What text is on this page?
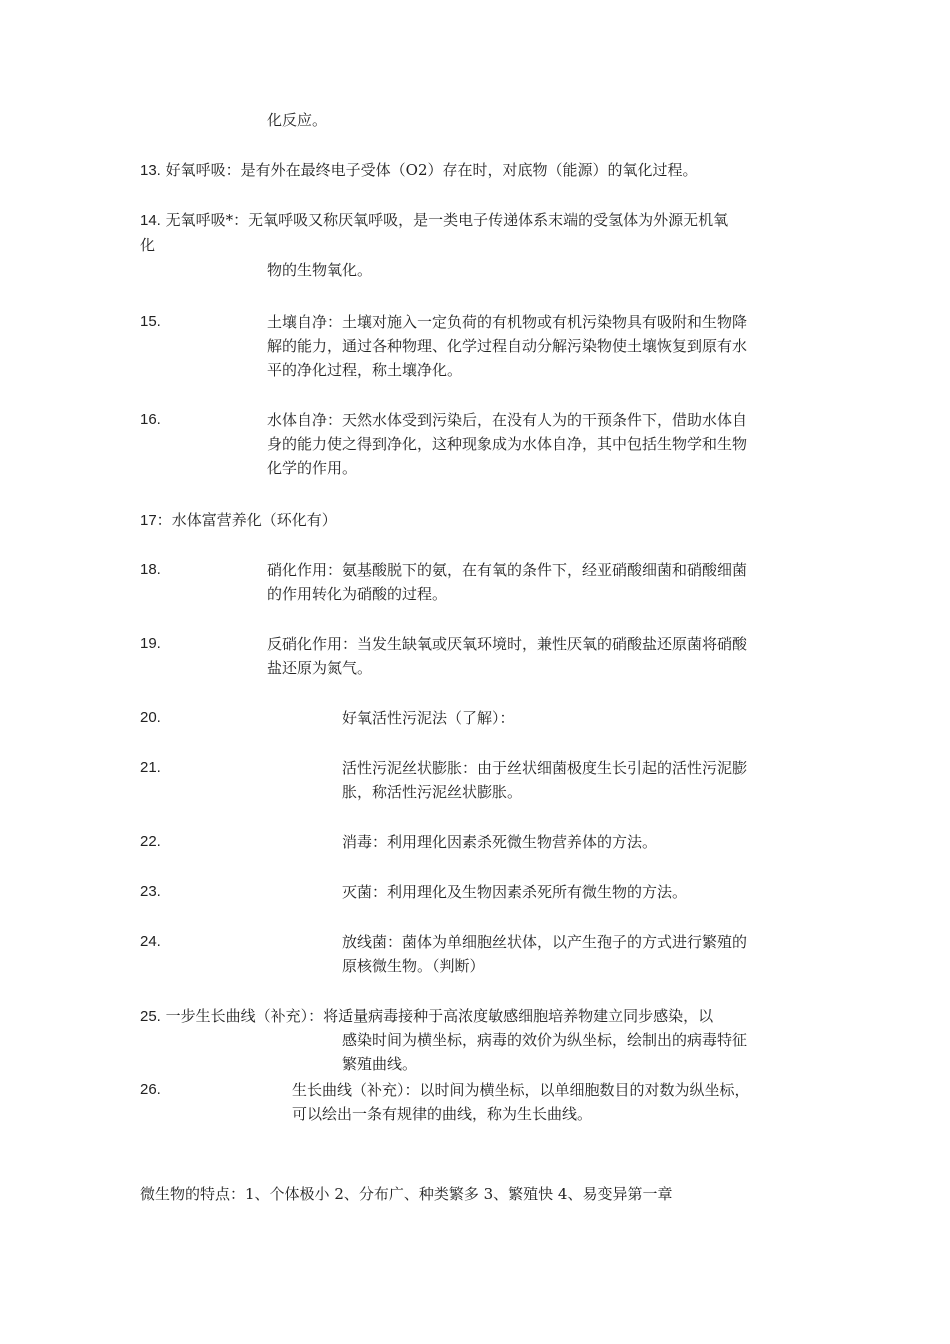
化反应。
13. 好氧呼吸：是有外在最终电子受体（O2）存在时，对底物（能源）的氧化过程。
14. 无氧呼吸*：无氧呼吸又称厌氧呼吸，是一类电子传递体系末端的受氢体为外源无机氧
化
物的生物氧化。
15.	土壤自净：土壤对施入一定负荷的有机物或有机污染物具有吸附和生物降
解的能力，通过各种物理、化学过程自动分解污染物使土壤恢复到原有水
平的净化过程，称土壤净化。
16.	水体自净：天然水体受到污染后，在没有人为的干预条件下，借助水体自
身的能力使之得到净化，这种现象成为水体自净，其中包括生物学和生物
化学的作用。
17：水体富营养化（环化有）
18.	硝化作用：氨基酸脱下的氨，在有氧的条件下，经亚硝酸细菌和硝酸细菌
的作用转化为硝酸的过程。
19.	反硝化作用：当发生缺氧或厌氧环境时，兼性厌氧的硝酸盐还原菌将硝酸
盐还原为氮气。
20.	好氧活性污泥法（了解）：
21.	活性污泥丝状膨胀：由于丝状细菌极度生长引起的活性污泥膨
胀，称活性污泥丝状膨胀。
22.	消毒：利用理化因素杀死微生物营养体的方法。
23.	灭菌：利用理化及生物因素杀死所有微生物的方法。
24.	放线菌：菌体为单细胞丝状体，以产生孢子的方式进行繁殖的
原核微生物。（判断）
25. 一步生长曲线（补充）：将适量病毒接种于高浓度敏感细胞培养物建立同步感染，以
感染时间为横坐标，病毒的效价为纵坐标，绘制出的病毒特征
繁殖曲线。
26.	生长曲线（补充）：以时间为横坐标，以单细胞数目的对数为纵坐标，
可以绘出一条有规律的曲线，称为生长曲线。
微生物的特点：1、个体极小 2、分布广、种类繁多 3、繁殖快 4、易变异第一章
